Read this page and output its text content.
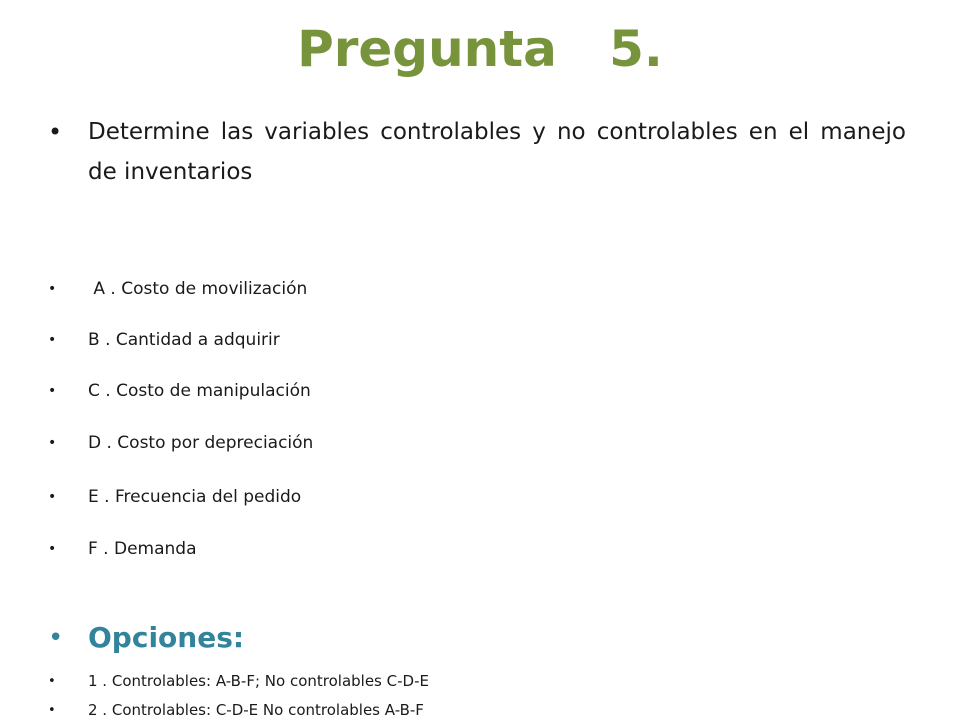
Pregunta   5.
• Determine las variables controlables y no controlables en el manejo de inventarios
• A . Costo de movilización
• B . Cantidad a adquirir
• C . Costo de manipulación
• D . Costo por depreciación
• E . Frecuencia del pedido
• F . Demanda
• Opciones:
• 1 . Controlables: A-B-F; No controlables C-D-E
• 2 . Controlables: C-D-E No controlables A-B-F
